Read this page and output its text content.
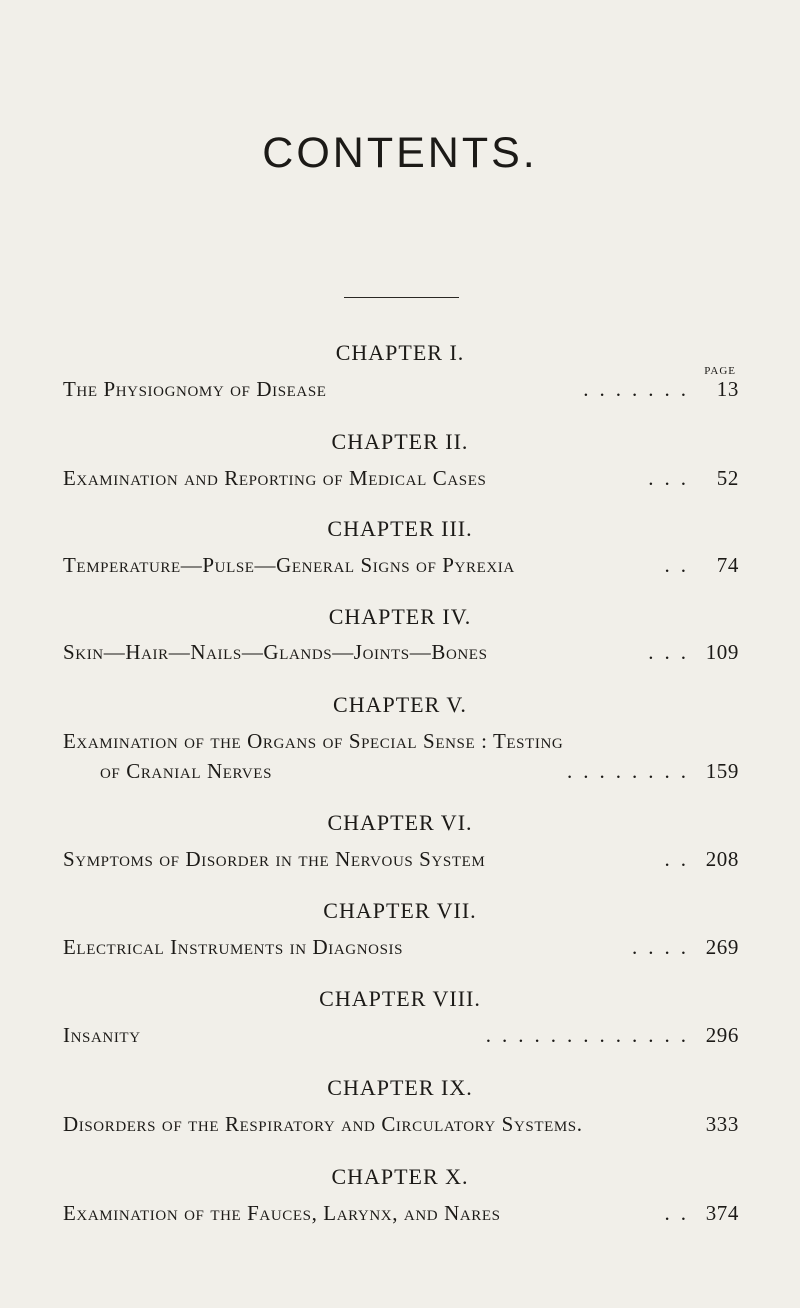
CONTENTS.
PAGE
CHAPTER I.
The Physiognomy of Disease	....... 13
CHAPTER II.
Examination and Reporting of Medical Cases	... 52
CHAPTER III.
Temperature—Pulse—General Signs of Pyrexia	.. 74
CHAPTER IV.
Skin—Hair—Nails—Glands—Joints—Bones	... 109
CHAPTER V.
Examination of the Organs of Special Sense : Testing
of Cranial Nerves	........ 159
CHAPTER VI.
Symptoms of Disorder in the Nervous System	.. 208
CHAPTER VII.
Electrical Instruments in Diagnosis	.... 269
CHAPTER VIII.
Insanity	............. 296
CHAPTER IX.
Disorders of the Respiratory and Circulatory Systems.	333
CHAPTER X.
Examination of the Fauces, Larynx, and Nares	.. 374
